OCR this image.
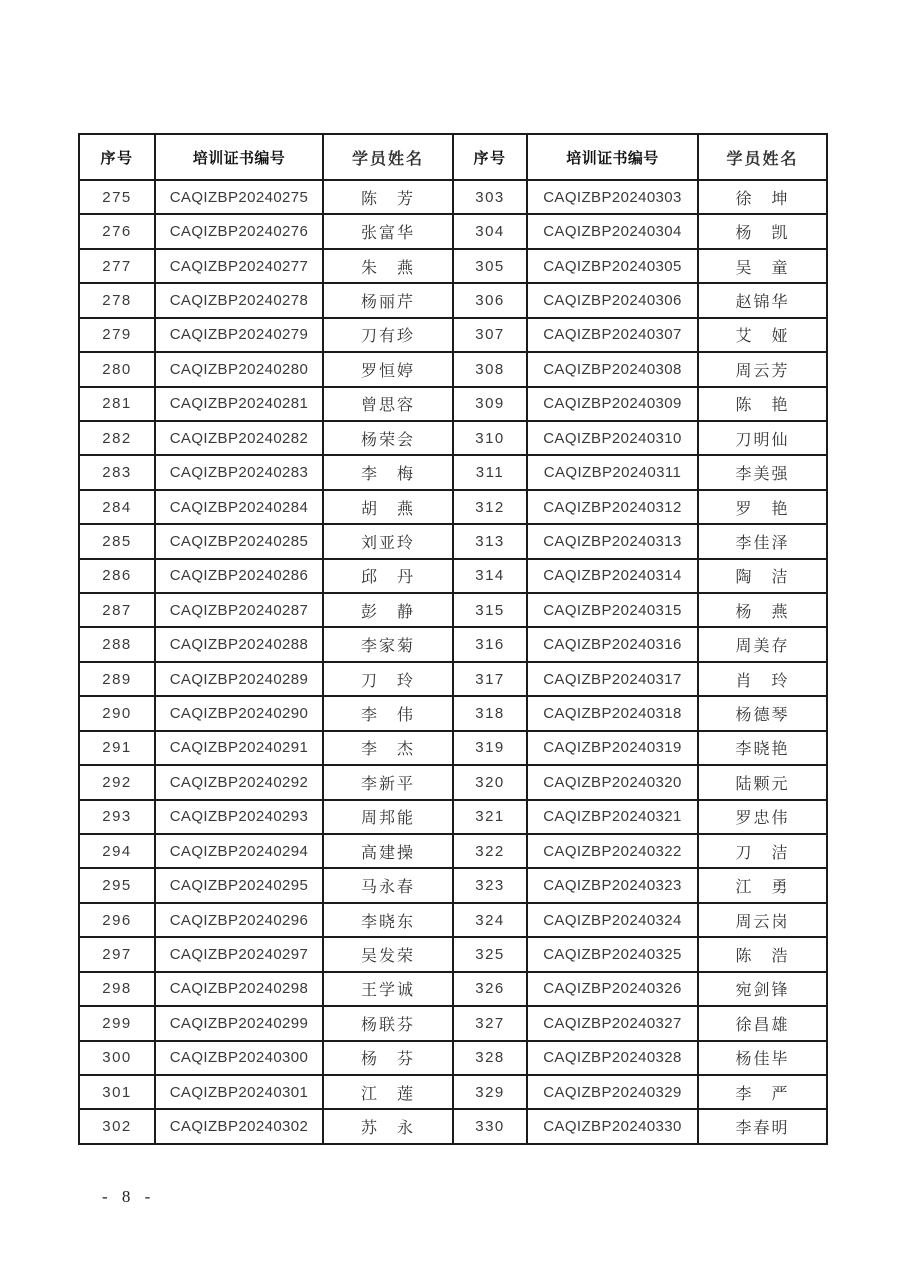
序号	培训证书编号	学员姓名	序号	培训证书编号	学员姓名
275	CAQIZBP20240275	陈　芳	303	CAQIZBP20240303	徐　坤
276	CAQIZBP20240276	张富华	304	CAQIZBP20240304	杨　凯
277	CAQIZBP20240277	朱　燕	305	CAQIZBP20240305	吴　童
278	CAQIZBP20240278	杨丽芹	306	CAQIZBP20240306	赵锦华
279	CAQIZBP20240279	刀有珍	307	CAQIZBP20240307	艾　娅
280	CAQIZBP20240280	罗恒婷	308	CAQIZBP20240308	周云芳
281	CAQIZBP20240281	曾思容	309	CAQIZBP20240309	陈　艳
282	CAQIZBP20240282	杨荣会	310	CAQIZBP20240310	刀明仙
283	CAQIZBP20240283	李　梅	311	CAQIZBP20240311	李美强
284	CAQIZBP20240284	胡　燕	312	CAQIZBP20240312	罗　艳
285	CAQIZBP20240285	刘亚玲	313	CAQIZBP20240313	李佳泽
286	CAQIZBP20240286	邱　丹	314	CAQIZBP20240314	陶　洁
287	CAQIZBP20240287	彭　静	315	CAQIZBP20240315	杨　燕
288	CAQIZBP20240288	李家菊	316	CAQIZBP20240316	周美存
289	CAQIZBP20240289	刀　玲	317	CAQIZBP20240317	肖　玲
290	CAQIZBP20240290	李　伟	318	CAQIZBP20240318	杨德琴
291	CAQIZBP20240291	李　杰	319	CAQIZBP20240319	李晓艳
292	CAQIZBP20240292	李新平	320	CAQIZBP20240320	陆颗元
293	CAQIZBP20240293	周邦能	321	CAQIZBP20240321	罗忠伟
294	CAQIZBP20240294	高建操	322	CAQIZBP20240322	刀　洁
295	CAQIZBP20240295	马永春	323	CAQIZBP20240323	江　勇
296	CAQIZBP20240296	李晓东	324	CAQIZBP20240324	周云岗
297	CAQIZBP20240297	吴发荣	325	CAQIZBP20240325	陈　浩
298	CAQIZBP20240298	王学诚	326	CAQIZBP20240326	宛剑锋
299	CAQIZBP20240299	杨联芬	327	CAQIZBP20240327	徐昌雄
300	CAQIZBP20240300	杨　芬	328	CAQIZBP20240328	杨佳毕
301	CAQIZBP20240301	江　莲	329	CAQIZBP20240329	李　严
302	CAQIZBP20240302	苏　永	330	CAQIZBP20240330	李春明
- 8 -
